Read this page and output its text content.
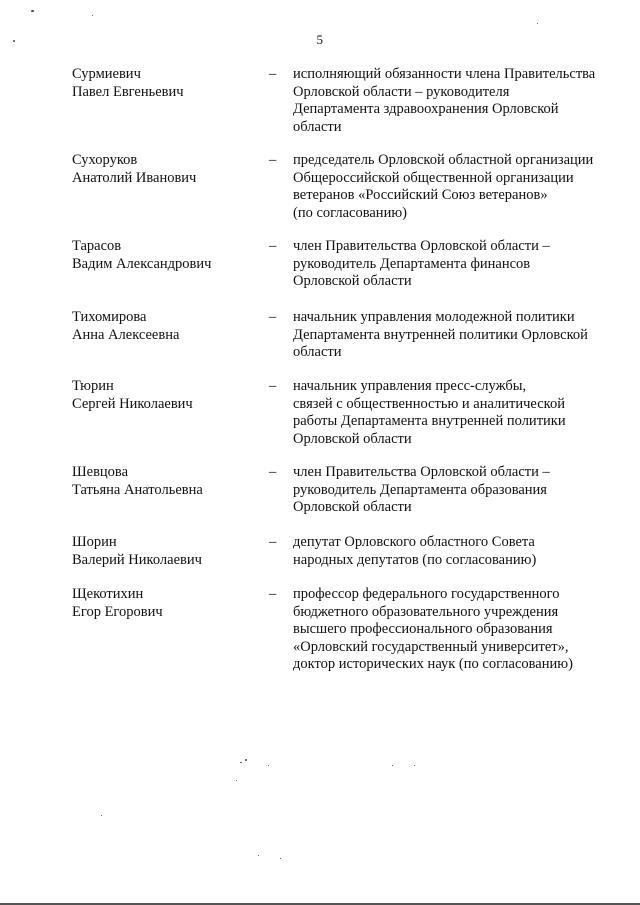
5
Сурмиевич
Павел Евгеньевич
– исполняющий обязанности члена Правительства
Орловской области – руководителя
Департамента здравоохранения Орловской
области
Сухоруков
Анатолий Иванович
– председатель Орловской областной организации
Общероссийской общественной организации
ветеранов «Российский Союз ветеранов»
(по согласованию)
Тарасов
Вадим Александрович
– член Правительства Орловской области –
руководитель Департамента финансов
Орловской области
Тихомирова
Анна Алексеевна
– начальник управления молодежной политики
Департамента внутренней политики Орловской
области
Тюрин
Сергей Николаевич
– начальник управления пресс-службы,
связей с общественностью и аналитической
работы Департамента внутренней политики
Орловской области
Шевцова
Татьяна Анатольевна
– член Правительства Орловской области –
руководитель Департамента образования
Орловской области
Шорин
Валерий Николаевич
– депутат Орловского областного Совета
народных депутатов (по согласованию)
Щекотихин
Егор Егорович
– профессор федерального государственного
бюджетного образовательного учреждения
высшего профессионального образования
«Орловский государственный университет»,
доктор исторических наук (по согласованию)
